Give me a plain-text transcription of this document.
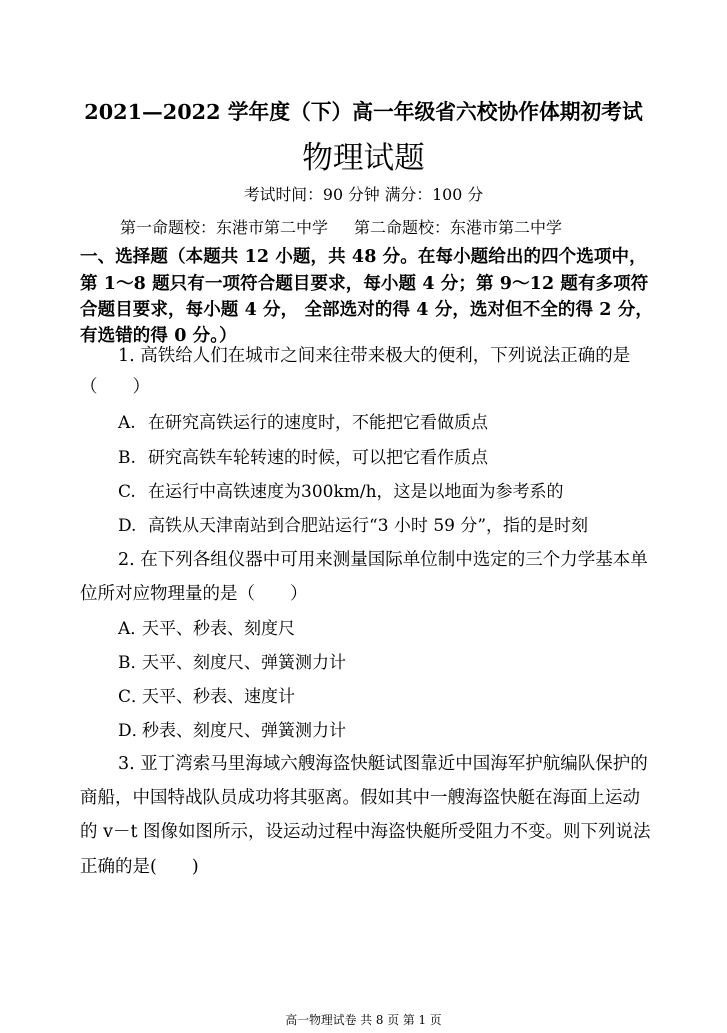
2021—2022 学年度（下）高一年级省六校协作体期初考试
物理试题
考试时间：90 分钟 满分：100 分
第一命题校：东港市第二中学 第二命题校：东港市第二中学
一、选择题（本题共 12 小题，共 48 分。在每小题给出的四个选项中，
第 1～8 题只有一项符合题目要求，每小题 4 分；第 9～12 题有多项符
合题目要求，每小题 4 分， 全部选对的得 4 分，选对但不全的得 2 分，
有选错的得 0 分。）
1. 高铁给人们在城市之间来往带来极大的便利，下列说法正确的是
（　　）
A. 在研究高铁运行的速度时，不能把它看做质点
B. 研究高铁车轮转速的时候，可以把它看作质点
C. 在运行中高铁速度为300km/h，这是以地面为参考系的
D. 高铁从天津南站到合肥站运行“3 小时 59 分”，指的是时刻
2. 在下列各组仪器中可用来测量国际单位制中选定的三个力学基本单
位所对应物理量的是（　　）
A．天平、秒表、刻度尺
B．天平、刻度尺、弹簧测力计
C．天平、秒表、速度计
D．秒表、刻度尺、弹簧测力计
3. 亚丁湾索马里海域六艘海盗快艇试图靠近中国海军护航编队保护的
商船，中国特战队员成功将其驱离。假如其中一艘海盗快艇在海面上运动
的 v－t 图像如图所示，设运动过程中海盗快艇所受阻力不变。则下列说法
正确的是(　　)
高一物理试卷 共 8 页 第 1 页
